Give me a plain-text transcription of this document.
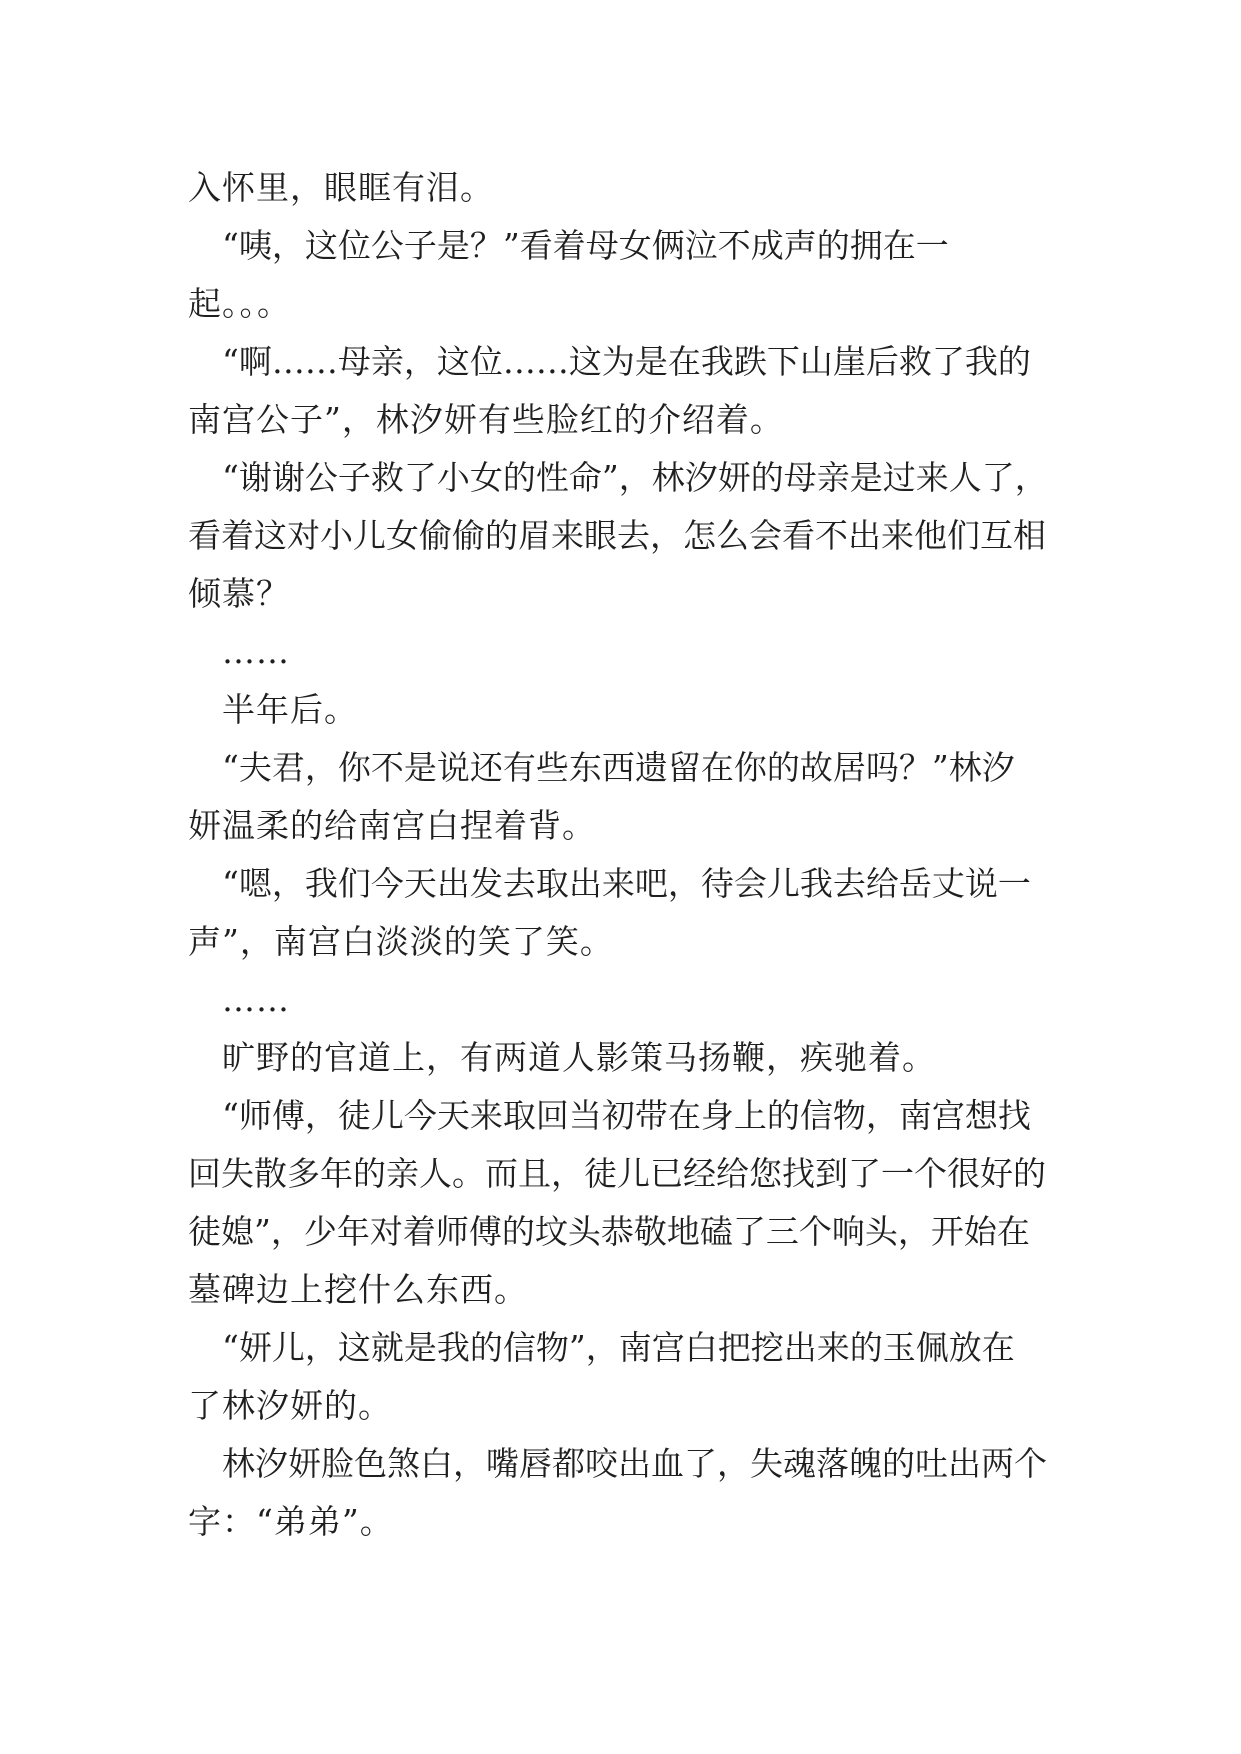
入怀里，眼眶有泪。
“咦，这位公子是？”看着母女俩泣不成声的拥在一
起。。。
“啊……母亲，这位……这为是在我跌下山崖后救了我的
南宫公子”，林汐妍有些脸红的介绍着。
“谢谢公子救了小女的性命”，林汐妍的母亲是过来人了，
看着这对小儿女偷偷的眉来眼去，怎么会看不出来他们互相
倾慕？
……
半年后。
“夫君，你不是说还有些东西遗留在你的故居吗？”林汐
妍温柔的给南宫白捏着背。
“嗯，我们今天出发去取出来吧，待会儿我去给岳丈说一
声”，南宫白淡淡的笑了笑。
……
旷野的官道上，有两道人影策马扬鞭，疾驰着。
“师傅，徒儿今天来取回当初带在身上的信物，南宫想找
回失散多年的亲人。而且，徒儿已经给您找到了一个很好的
徒媳”，少年对着师傅的坟头恭敬地磕了三个响头，开始在
墓碑边上挖什么东西。
“妍儿，这就是我的信物”，南宫白把挖出来的玉佩放在
了林汐妍的。
林汐妍脸色煞白，嘴唇都咬出血了，失魂落魄的吐出两个
字：“弟弟”。
